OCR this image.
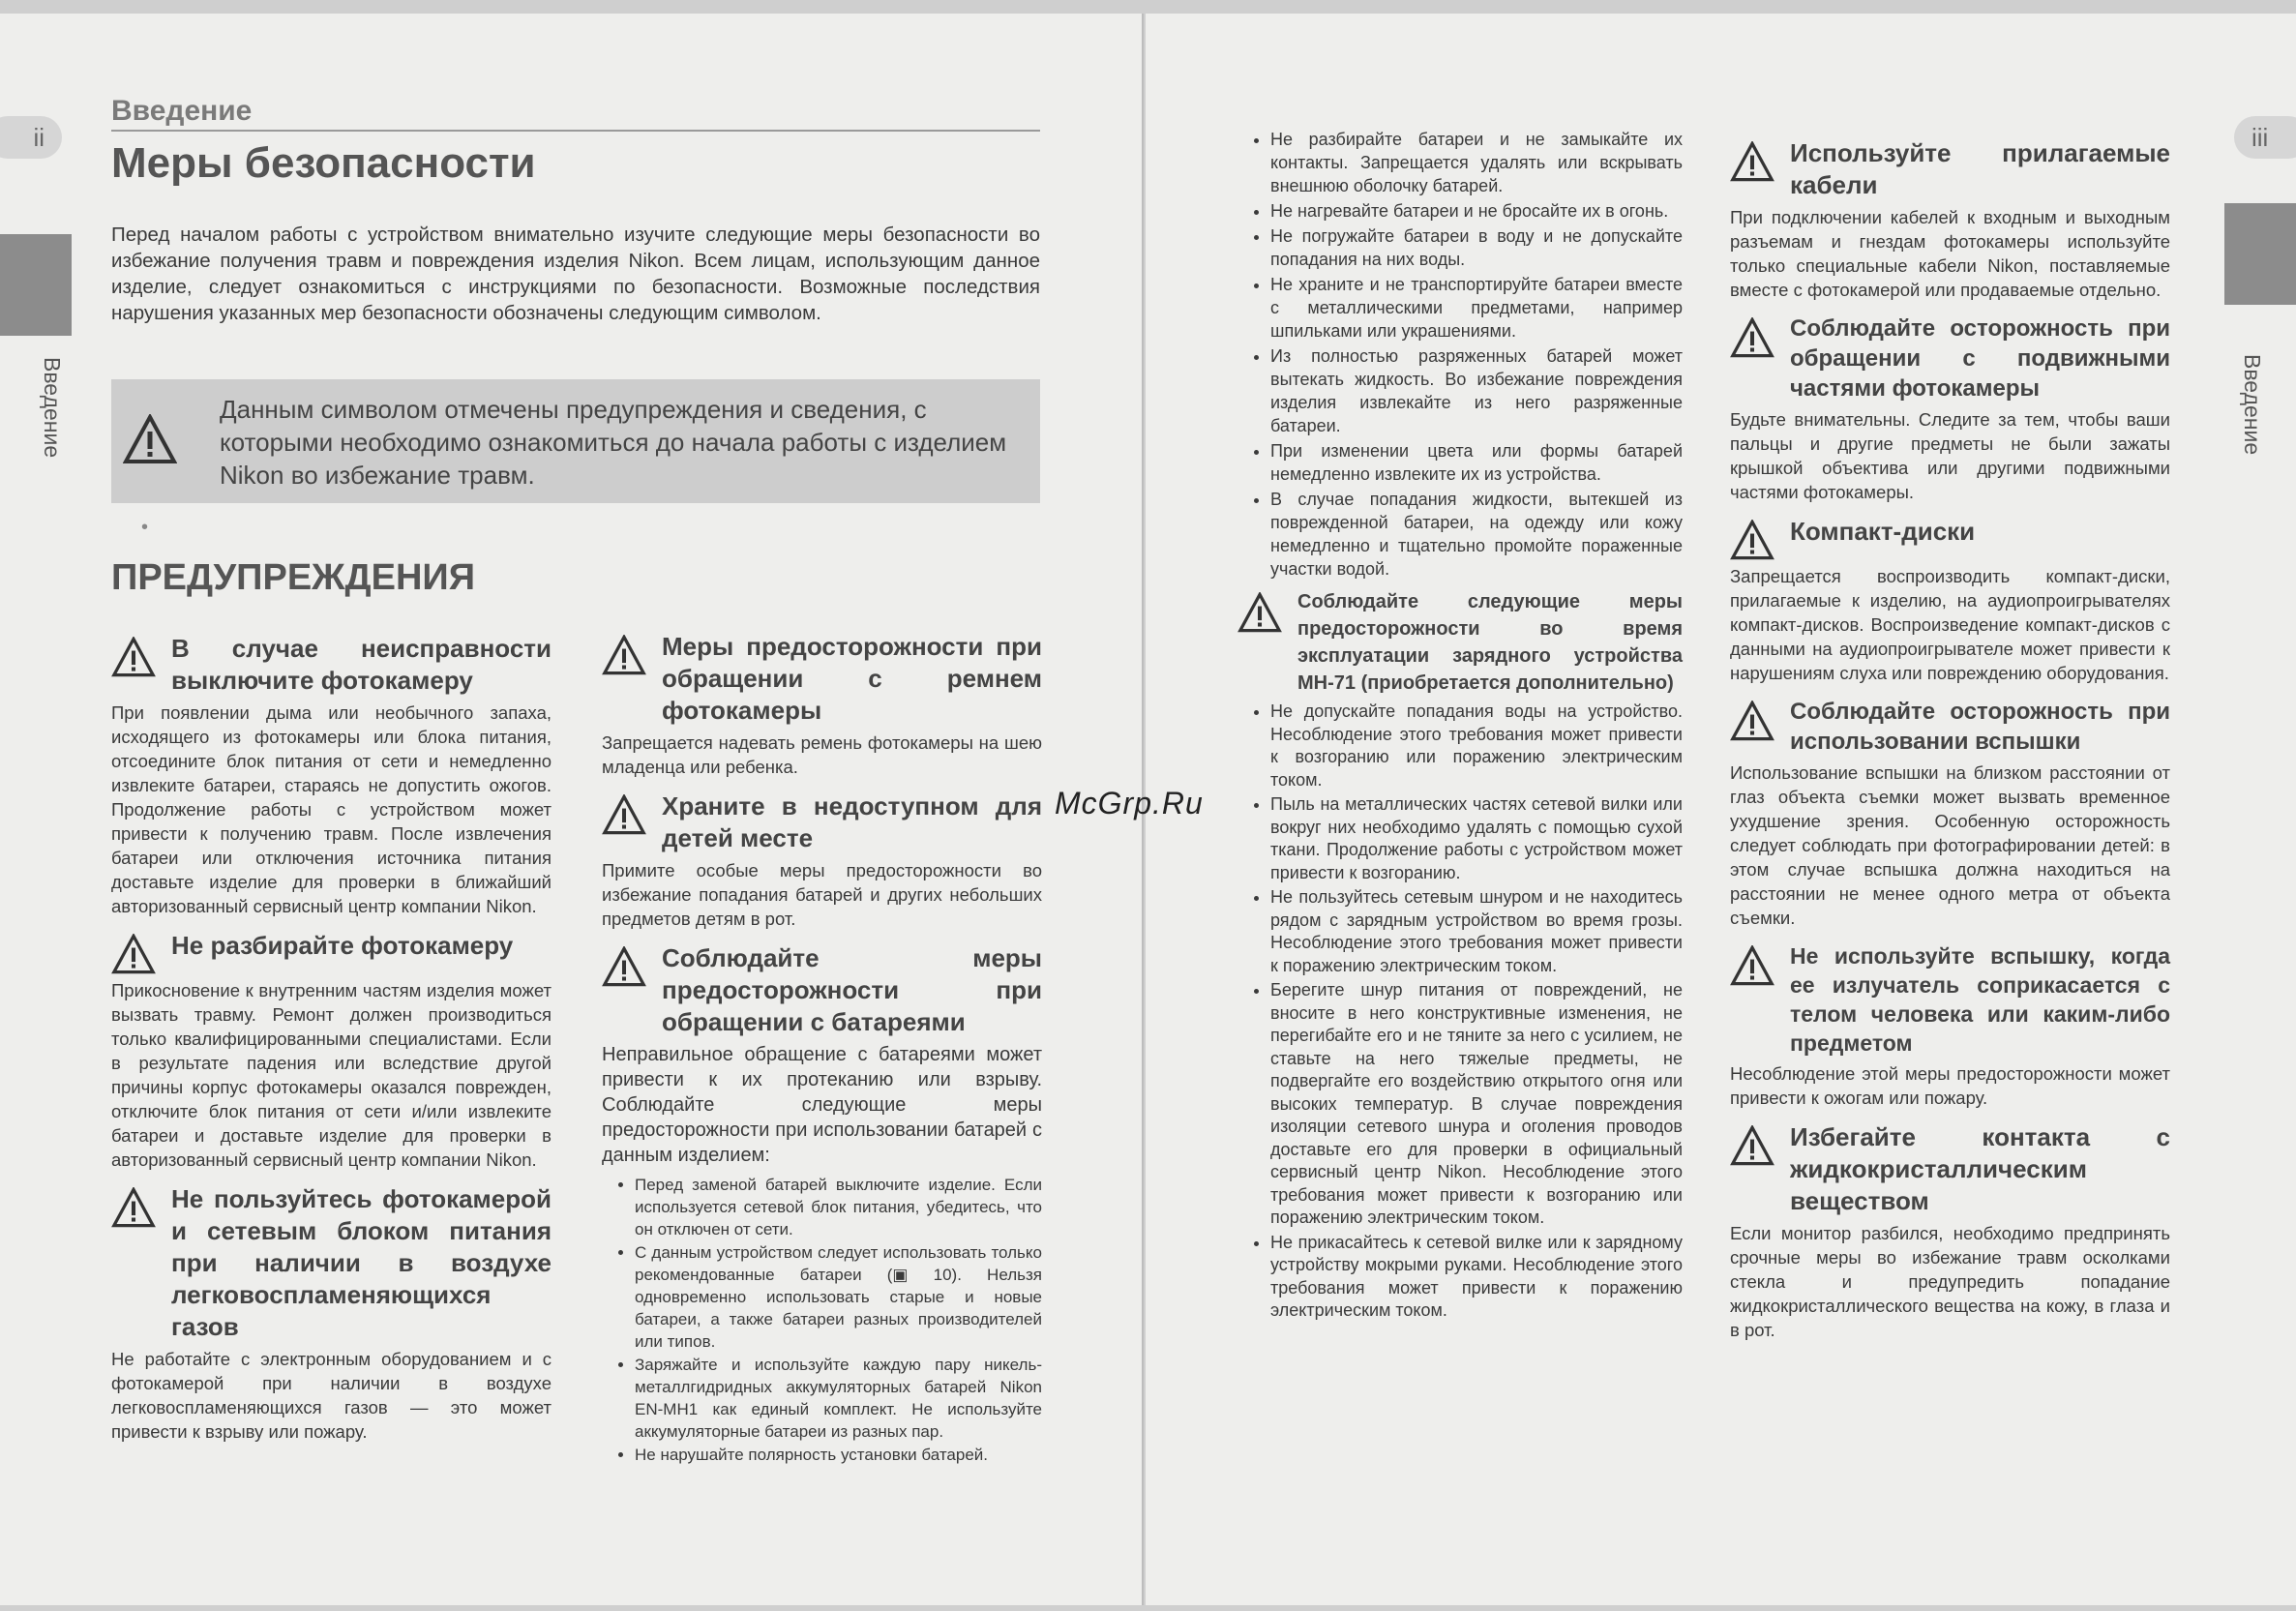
ii
Введение
Введение
Меры безопасности
Перед началом работы с устройством внимательно изучите следующие меры безопасности во избежание получения травм и повреждения изделия Nikon. Всем лицам, использующим данное изделие, следует ознакомиться с инструкциями по безопасности. Возможные последствия нарушения указанных мер безопасности обозначены следующим символом.
Данным символом отмечены предупреждения и сведения, с которыми необходимо ознакомиться до начала работы с изделием Nikon во избежание травм.
ПРЕДУПРЕЖДЕНИЯ
В случае неисправности выключите фотокамеру

При появлении дыма или необычного запаха, исходящего из фотокамеры или блока питания, отсоедините блок питания от сети и немедленно извлеките батареи, стараясь не допустить ожогов. Продолжение работы с устройством может привести к получению травм. После извлечения батареи или отключения источника питания доставьте изделие для проверки в ближайший авторизованный сервисный центр компании Nikon.

Не разбирайте фотокамеру

Прикосновение к внутренним частям изделия может вызвать травму. Ремонт должен производиться только квалифицированными специалистами. Если в результате падения или вследствие другой причины корпус фотокамеры оказался поврежден, отключите блок питания от сети и/или извлеките батареи и доставьте изделие для проверки в авторизованный сервисный центр компании Nikon.

Не пользуйтесь фотокамерой и сетевым блоком питания при наличии в воздухе легковоспламеняющихся газов

Не работайте с электронным оборудованием и с фотокамерой при наличии в воздухе легковоспламеняющихся газов — это может привести к взрыву или пожару.

Меры предосторожности при обращении с ремнем фотокамеры

Запрещается надевать ремень фотокамеры на шею младенца или ребенка.

Храните в недоступном для детей месте

Примите особые меры предосторожности во избежание попадания батарей и других небольших предметов детям в рот.

Соблюдайте меры предосторожности при обращении с батареями

Неправильное обращение с батареями может привести к их протеканию или взрыву. Соблюдайте следующие меры предосторожности при использовании батарей с данным изделием:

• Перед заменой батарей выключите изделие. Если используется сетевой блок питания, убедитесь, что он отключен от сети.
• С данным устройством следует использовать только рекомендованные батареи (▣ 10). Нельзя одновременно использовать старые и новые батареи, а также батареи разных производителей или типов.
• Заряжайте и используйте каждую пару никель-металлгидридных аккумуляторных батарей Nikon EN-MH1 как единый комплект. Не используйте аккумуляторные батареи из разных пар.
• Не нарушайте полярность установки батарей.
•
iii
Введение
• Не разбирайте батареи и не замыкайте их контакты. Запрещается удалять или вскрывать внешнюю оболочку батарей.
• Не нагревайте батареи и не бросайте их в огонь.
• Не погружайте батареи в воду и не допускайте попадания на них воды.
• Не храните и не транспортируйте батареи вместе с металлическими предметами, например шпильками или украшениями.
• Из полностью разряженных батарей может вытекать жидкость. Во избежание повреждения изделия извлекайте из него разряженные батареи.
• При изменении цвета или формы батарей немедленно извлеките их из устройства.
• В случае попадания жидкости, вытекшей из поврежденной батареи, на одежду или кожу немедленно и тщательно промойте пораженные участки водой.
Соблюдайте следующие меры предосторожности во время эксплуатации зарядного устройства MH-71 (приобретается дополнительно)
• Не допускайте попадания воды на устройство. Несоблюдение этого требования может привести к возгоранию или поражению электрическим током.
• Пыль на металлических частях сетевой вилки или вокруг них необходимо удалять с помощью сухой ткани. Продолжение работы с устройством может привести к возгоранию.
• Не пользуйтесь сетевым шнуром и не находитесь рядом с зарядным устройством во время грозы. Несоблюдение этого требования может привести к поражению электрическим током.
• Берегите шнур питания от повреждений, не вносите в него конструктивные изменения, не перегибайте его и не тяните за него с усилием, не ставьте на него тяжелые предметы, не подвергайте его воздействию открытого огня или высоких температур. В случае повреждения изоляции сетевого шнура и оголения проводов доставьте его для проверки в официальный сервисный центр Nikon. Несоблюдение этого требования может привести к возгоранию или поражению электрическим током.
• Не прикасайтесь к сетевой вилке или к зарядному устройству мокрыми руками. Несоблюдение этого требования может привести к поражению электрическим током.
Используйте прилагаемые кабели

При подключении кабелей к входным и выходным разъемам и гнездам фотокамеры используйте только специальные кабели Nikon, поставляемые вместе с фотокамерой или продаваемые отдельно.

Соблюдайте осторожность при обращении с подвижными частями фотокамеры

Будьте внимательны. Следите за тем, чтобы ваши пальцы и другие предметы не были зажаты крышкой объектива или другими подвижными частями фотокамеры.

Компакт-диски

Запрещается воспроизводить компакт-диски, прилагаемые к изделию, на аудиопроигрывателях компакт-дисков. Воспроизведение компакт-дисков с данными на аудиопроигрывателе может привести к нарушениям слуха или повреждению оборудования.

Соблюдайте осторожность при использовании вспышки

Использование вспышки на близком расстоянии от глаз объекта съемки может вызвать временное ухудшение зрения. Особенную осторожность следует соблюдать при фотографировании детей: в этом случае вспышка должна находиться на расстоянии не менее одного метра от объекта съемки.

Не используйте вспышку, когда ее излучатель соприкасается с телом человека или каким-либо предметом

Несоблюдение этой меры предосторожности может привести к ожогам или пожару.

Избегайте контакта с жидкокристаллическим веществом

Если монитор разбился, необходимо предпринять срочные меры во избежание травм осколками стекла и предупредить попадание жидкокристаллического вещества на кожу, в глаза и в рот.

McGrp.Ru
